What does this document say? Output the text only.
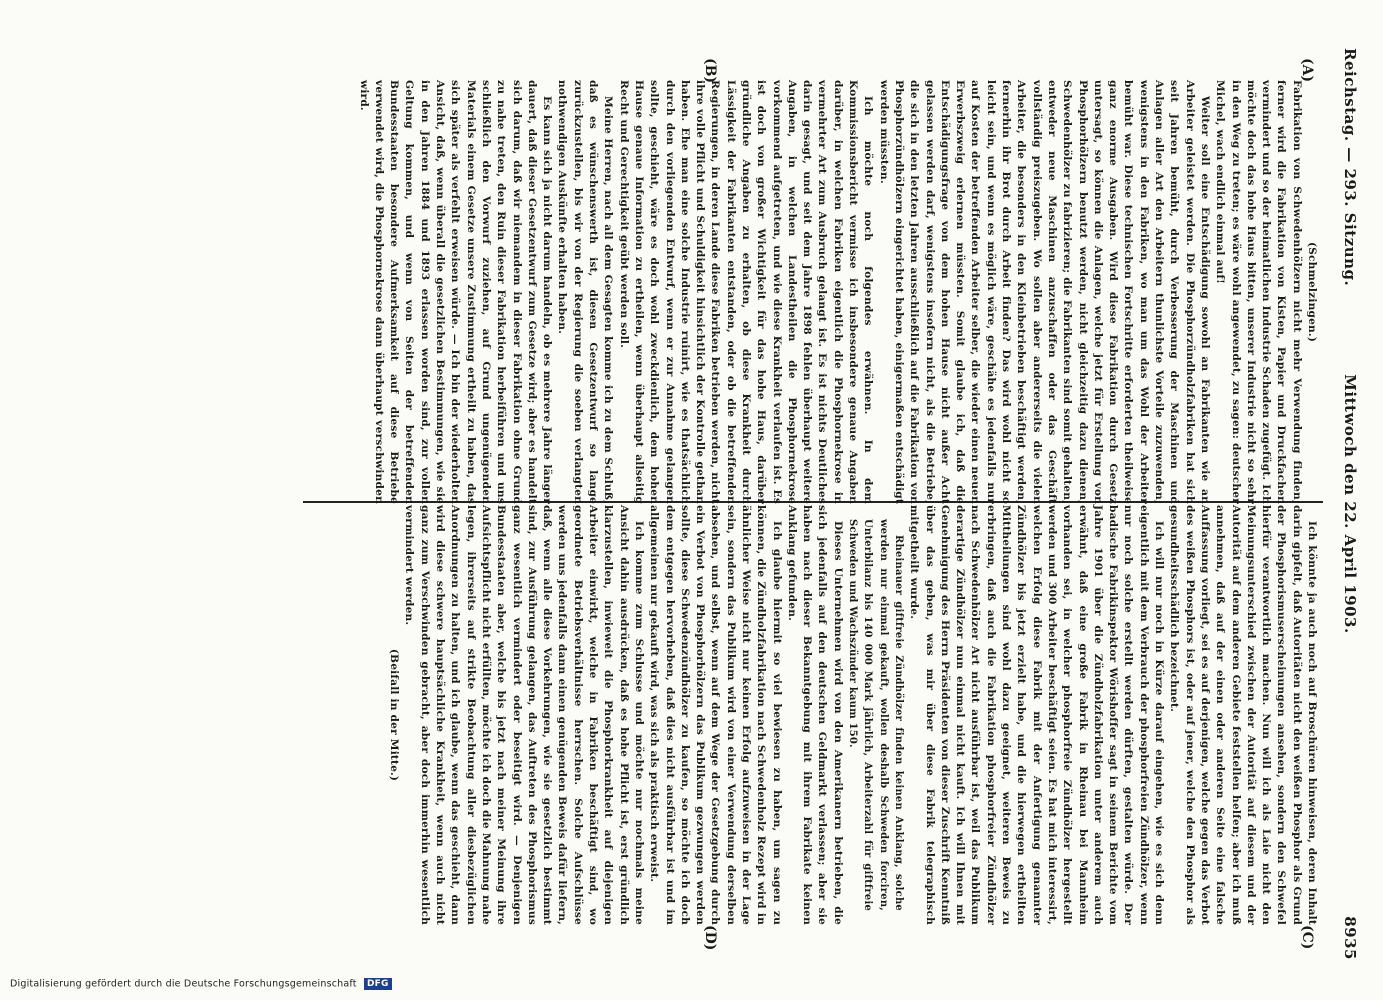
Reichstag. — 293. Sitzung.
Mittwoch den 22. April 1903.
8935
(A)
(B)
(C)
(D)

(Schmelzingen.)

Fabrikation von Schwedenhölzern nicht mehr Verwendung finden; ferner wird die Fabrikation von Kisten, Papier und Druckfachen vermindert und so der heimatlichen Industrie Schaden zugefügt. Ich möchte doch das hohe Haus bitten, unserer Industrie nicht so sehr in den Weg zu treten; es wäre wohl angewendet, zu sagen: deutscher Michel, wach endlich einmal auf!

Weiter soll eine Entschädigung sowohl an Fabrikanten wie an Arbeiter geleistet werden. Die Phosphorzündholzfabriken hat sich seit Jahren bemüht, durch Verbesserung der Maschinen und Anlagen aller Art den Arbeitern thunlichste Vorteile zuzuwenden; wenigstens in den Fabriken, wo man um das Wohl der Arbeiter bemüht war. Diese technischen Fortschritte erforderten theilweise ganz enorme Ausgaben. Wird diese Fabrikation durch Gesetz untersagt, so können die Anlagen, welche jetzt für Erstellung von Phosphorhölzern benutzt werden, nicht gleichzeitig dazu dienen, Schwedenhölzer zu fabrizieren; die Fabrikanten sind somit gehalten, entweder neue Maschinen anzuschaffen oder das Geschäft vollständig preiszugeben. Wo sollen aber andererseits die vielen Arbeiter, die besonders in den Kleinbetrieben beschäftigt werden, fernerhin ihr Brot durch Arbeit finden? Das wird wohl nicht so leicht sein, und wenn es möglich wäre, geschähe es jedenfalls nur auf Kosten der betreffenden Arbeiter selber, die wieder einen neuen Erwerbszweig erlernen müssten. Somit glaube ich, daß die Entschädigungsfrage von dem hohen Hause nicht außer Acht gelassen werden darf, wenigstens insofern nicht, als die Betriebe, die sich in den letzten Jahren ausschließlich auf die Fabrikation von Phosphorzündhölzern eingerichtet haben, einigermaßen entschädigt werden müssten.

Ich möchte noch folgendes erwähnen. In dem Kommissionsbericht vermisse ich insbesondere genaue Angaben darüber, in welchen Fabriken eigentlich die Phosphornekrose in vermehrter Art zum Ausbruch gelangt ist. Es ist nichts Deutliches darin gesagt, und seit dem Jahre 1898 fehlen überhaupt weitere Angaben, in welchen Landestheilen die Phosphornekrose vorkommend aufgetreten, und wie diese Krankheit verlaufen ist. Es ist doch von großer Wichtigkeit für das hohe Haus, darüber gründliche Angaben zu erhalten, ob diese Krankheit durch Lässigkeit der Fabrikanten entstanden, oder ob die betreffenden Regierungen, in deren Lande diese Fabriken betrieben werden, nicht ihre volle Pflicht und Schuldigkeit hinsichtlich der Kontrolle gethan haben. Ehe man eine solche Industrie ruinirt, wie es thatsächlich durch den vorliegenden Entwurf, wenn er zur Annahme gelangen sollte, geschieht, wäre es doch wohl zweckdienlich, dem hohen Hause genaue Information zu ertheilen, wenn überhaupt allseitig Recht und Gerechtigkeit geübt werden soll.

Meine Herren, nach all dem Gesagten komme ich zu dem Schluß, daß es wünschenswerth ist, diesen Gesetzentwurf so lange zurückzustellen, bis wir von der Regierung die soeben verlangten nothwendigen Auskünfte erhalten haben.

Es kann sich ja nicht darum handeln, ob es mehrere Jahre länger dauert, daß dieser Gesetzentwurf zum Gesetze wird; aber es handelt sich darum, daß wir niemandem in dieser Fabrikation ohne Grund zu nahe treten, den Ruin dieser Fabrikation herbeiführen und uns schließlich den Vorwurf zuziehen, auf Grund ungenügenden Materials einem Gesetze unsere Zustimmung ertheilt zu haben, das sich später als verfehlt erweisen würde. — Ich bin der wiederholten Ansicht, daß, wenn überall die gesetzlichen Bestimmungen, wie sie in den Jahren 1884 und 1893 erlassen worden sind, zur vollen Geltung kommen, und wenn von Seiten der betreffenden Bundesstaaten besondere Aufmerksamkeit auf diese Betriebe verwendet wird, die Phosphornekrose dann überhaupt verschwinden wird.

Ich könnte ja auch noch auf Broschüren hinweisen, deren Inhalt darin gipfelt, daß Autoritäten nicht den weißen Phosphor als Grund der Phosphorismuserscheinungen ansehen, sondern den Schwefel hierfür verantwortlich machen. Nun will ich als Laie nicht den Meinungsunterschied zwischen der Autorität auf diesem und der Autorität auf dem anderen Gebiete feststellen helfen; aber ich muß annehmen, daß auf der einen oder anderen Seite eine falsche Auffassung vorliegt, sei es auf derjenigen, welche gegen das Verbot des weißen Phosphors ist, oder auf jener, welche den Phosphor als gesundheitsschädlich bezeichnet.

Ich will nur noch in Kürze darauf eingehen, wie es sich denn eigentlich mit dem Verbrauch der phosphorfreien Zündhölzer, wenn nur noch solche erstellt werden dürften, gestalten würde. Der badische Fabrikinspektor Wörishoffer sagt in seinem Berichte vom Jahre 1901 über die Zündholzfabrikation unter anderem auch erwähnt, daß eine große Fabrik in Rheinau bei Mannheim vorhanden sei, in welcher phosphorfreie Zündhölzer hergestellt werden und 300 Arbeiter beschäftigt seien. Es hat mich interessirt, welchen Erfolg diese Fabrik mit der Anfertigung genannter Zündhölzer bis jetzt erzielt habe, und die hierwegen ertheilten Mittheilungen sind wohl dazu geeignet, weiteren Beweis zu erbringen, daß auch die Fabrikation phosphorfreier Zündhölzer nach Schwedenhölzer Art nicht ausführbar ist, weil das Publikum derartige Zündhölzer nun einmal nicht kauft. Ich will Ihnen mit Genehmigung des Herrn Präsidenten von dieser Zuschrift Kenntniß über das geben, was mir über diese Fabrik telegraphisch mitgetheilt wurde.

Rheinauer giftfreie Zündhölzer finden keinen Anklang, solche werden nur einmal gekauft, wollen deshalb Schweden forciren, Unterbilanz bis 140 000 Mark jährlich, Arbeiterzahl für giftfreie Schweden und Wachszünder kaum 150.

Dieses Unternehmen wird von den Amerikanern betrieben, die sich jedenfalls auf den deutschen Geldmarkt verlassen; aber sie haben nach dieser Bekanntgebung mit ihrem Fabrikate keinen Anklang gefunden.

Ich glaube hiermit so viel bewiesen zu haben, um sagen zu können, die Zündholzfabrikation nach Schwedenholz Rezept wird in ähnlicher Weise nicht nur keinen Erfolg aufzuweisen in der Lage sein, sondern das Publikum wird von einer Verwendung derselben absehen, und selbst, wenn auf dem Wege der Gesetzgebung durch ein Verbot von Phosphorhölzern das Publikum gezwungen werden sollte, diese Schwedenzündhölzer zu kaufen, so möchte ich doch dem entgegen hervorheben, daß dies nicht ausführbar ist und im allgemeinen nur gekauft wird, was sich als praktisch erweist.

Ich komme zum Schlusse und möchte nur nochmals meine Ansicht dahin ausdrücken, daß es hohe Pflicht ist, erst gründlich klarzustellen, inwieweit die Phosphorkrankheit auf diejenigen Arbeiter einwirkt, welche in Fabriken beschäftigt sind, wo geordnete Betriebsverhältnisse herrschen. Solche Aufschlüsse werden uns jedenfalls dann einen genügenden Beweis dafür liefern, daß, wenn alle diese Vorkehrungen, wie sie gesetzlich bestimmt sind, zur Ausführung gelangen, das Auftreten des Phosphorismus ganz wesentlich vermindert oder beseitigt wird. — Denjenigen Bundesstaaten aber, welche bis jetzt nach meiner Meinung ihre Aufsichtspflicht nicht erfüllten, möchte ich doch die Mahnung nahe legen, ihrerseits auf strikte Beobachtung aller diesbezüglichen Anordnungen zu halten, und ich glaube, wenn das geschieht, dann wird diese schwere hauptsächliche Krankheit, wenn auch nicht ganz zum Verschwinden gebracht, aber doch immerhin wesentlich vermindert werden.

(Beifall in der Mitte.)

Digitalisierung gefördert durch die Deutsche Forschungsgemeinschaft DFG
